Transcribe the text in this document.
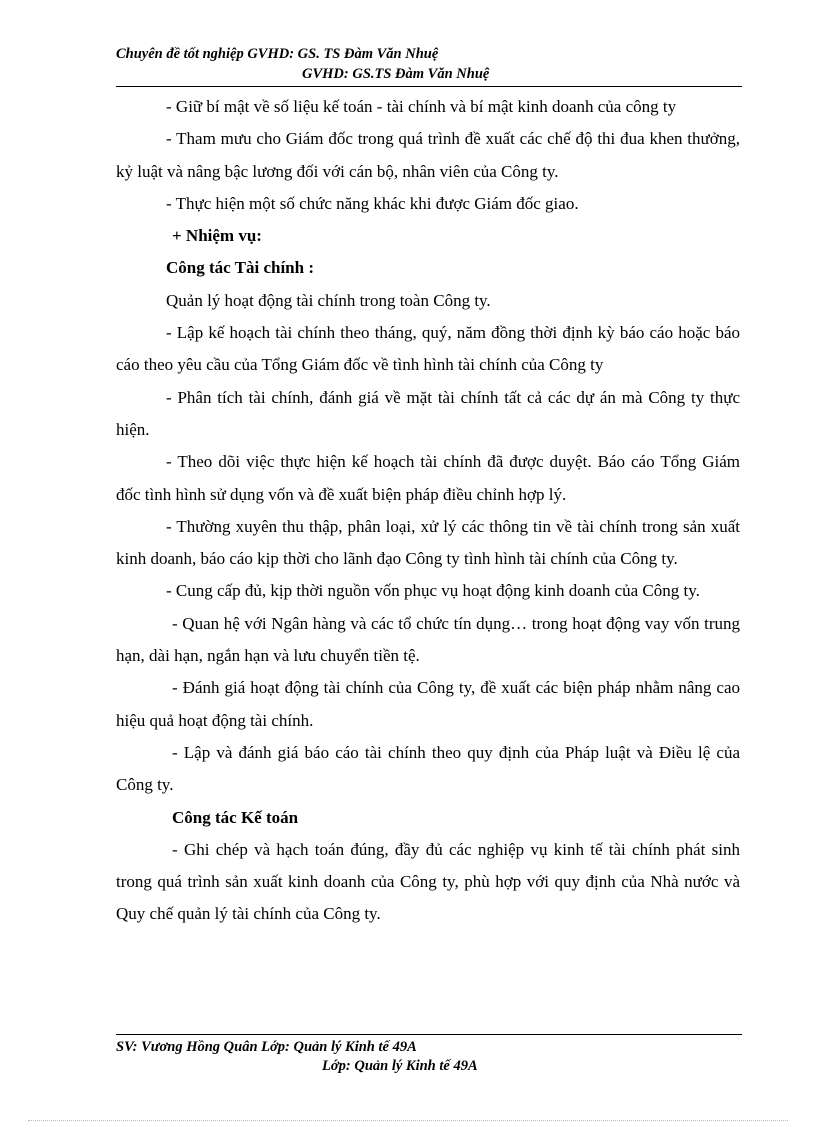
Chuyên đề tốt nghiệp GVHD: GS. TS Đàm Văn Nhuệ
GVHD: GS.TS Đàm Văn Nhuệ

- Giữ bí mật về số liệu kế toán - tài chính và bí mật kinh doanh của công ty

- Tham mưu cho Giám đốc trong quá trình đề xuất các chế độ thi đua khen thưởng, kỷ luật và nâng bậc lương đối với cán bộ, nhân viên của Công ty.

- Thực hiện một số chức năng khác khi được Giám đốc giao.

+ Nhiệm vụ:

Công tác Tài chính :

Quản lý hoạt động tài chính trong toàn Công ty.

- Lập kế hoạch tài chính theo tháng, quý, năm đồng thời định kỳ báo cáo hoặc báo cáo theo yêu cầu của Tổng Giám đốc về tình hình tài chính của Công ty

- Phân tích tài chính, đánh giá về mặt tài chính tất cả các dự án mà Công ty thực hiện.

- Theo dõi việc thực hiện kế hoạch tài chính đã được duyệt. Báo cáo Tổng Giám đốc tình hình sử dụng vốn và đề xuất biện pháp điều chỉnh hợp lý.

- Thường xuyên thu thập, phân loại, xử lý các thông tin về tài chính trong sản xuất kinh doanh, báo cáo kịp thời cho lãnh đạo Công ty tình hình tài chính của Công ty.

- Cung cấp đủ, kịp thời nguồn vốn phục vụ hoạt động kinh doanh của Công ty.

- Quan hệ với Ngân hàng và các tổ chức tín dụng… trong hoạt động vay vốn trung hạn, dài hạn, ngắn hạn và lưu chuyển tiền tệ.

- Đánh giá hoạt động tài chính của Công ty, đề xuất các biện pháp nhằm nâng cao hiệu quả hoạt động tài chính.

- Lập và đánh giá báo cáo tài chính theo quy định của Pháp luật và Điều lệ của Công ty.

Công tác Kế toán

- Ghi chép và hạch toán đúng, đầy đủ các nghiệp vụ kinh tế tài chính phát sinh trong quá trình sản xuất kinh doanh của Công ty, phù hợp với quy định của Nhà nước và Quy chế quản lý tài chính của Công ty.

SV: Vương Hồng Quân Lớp: Quản lý Kinh tế 49A
Lớp: Quản lý Kinh tế 49A
